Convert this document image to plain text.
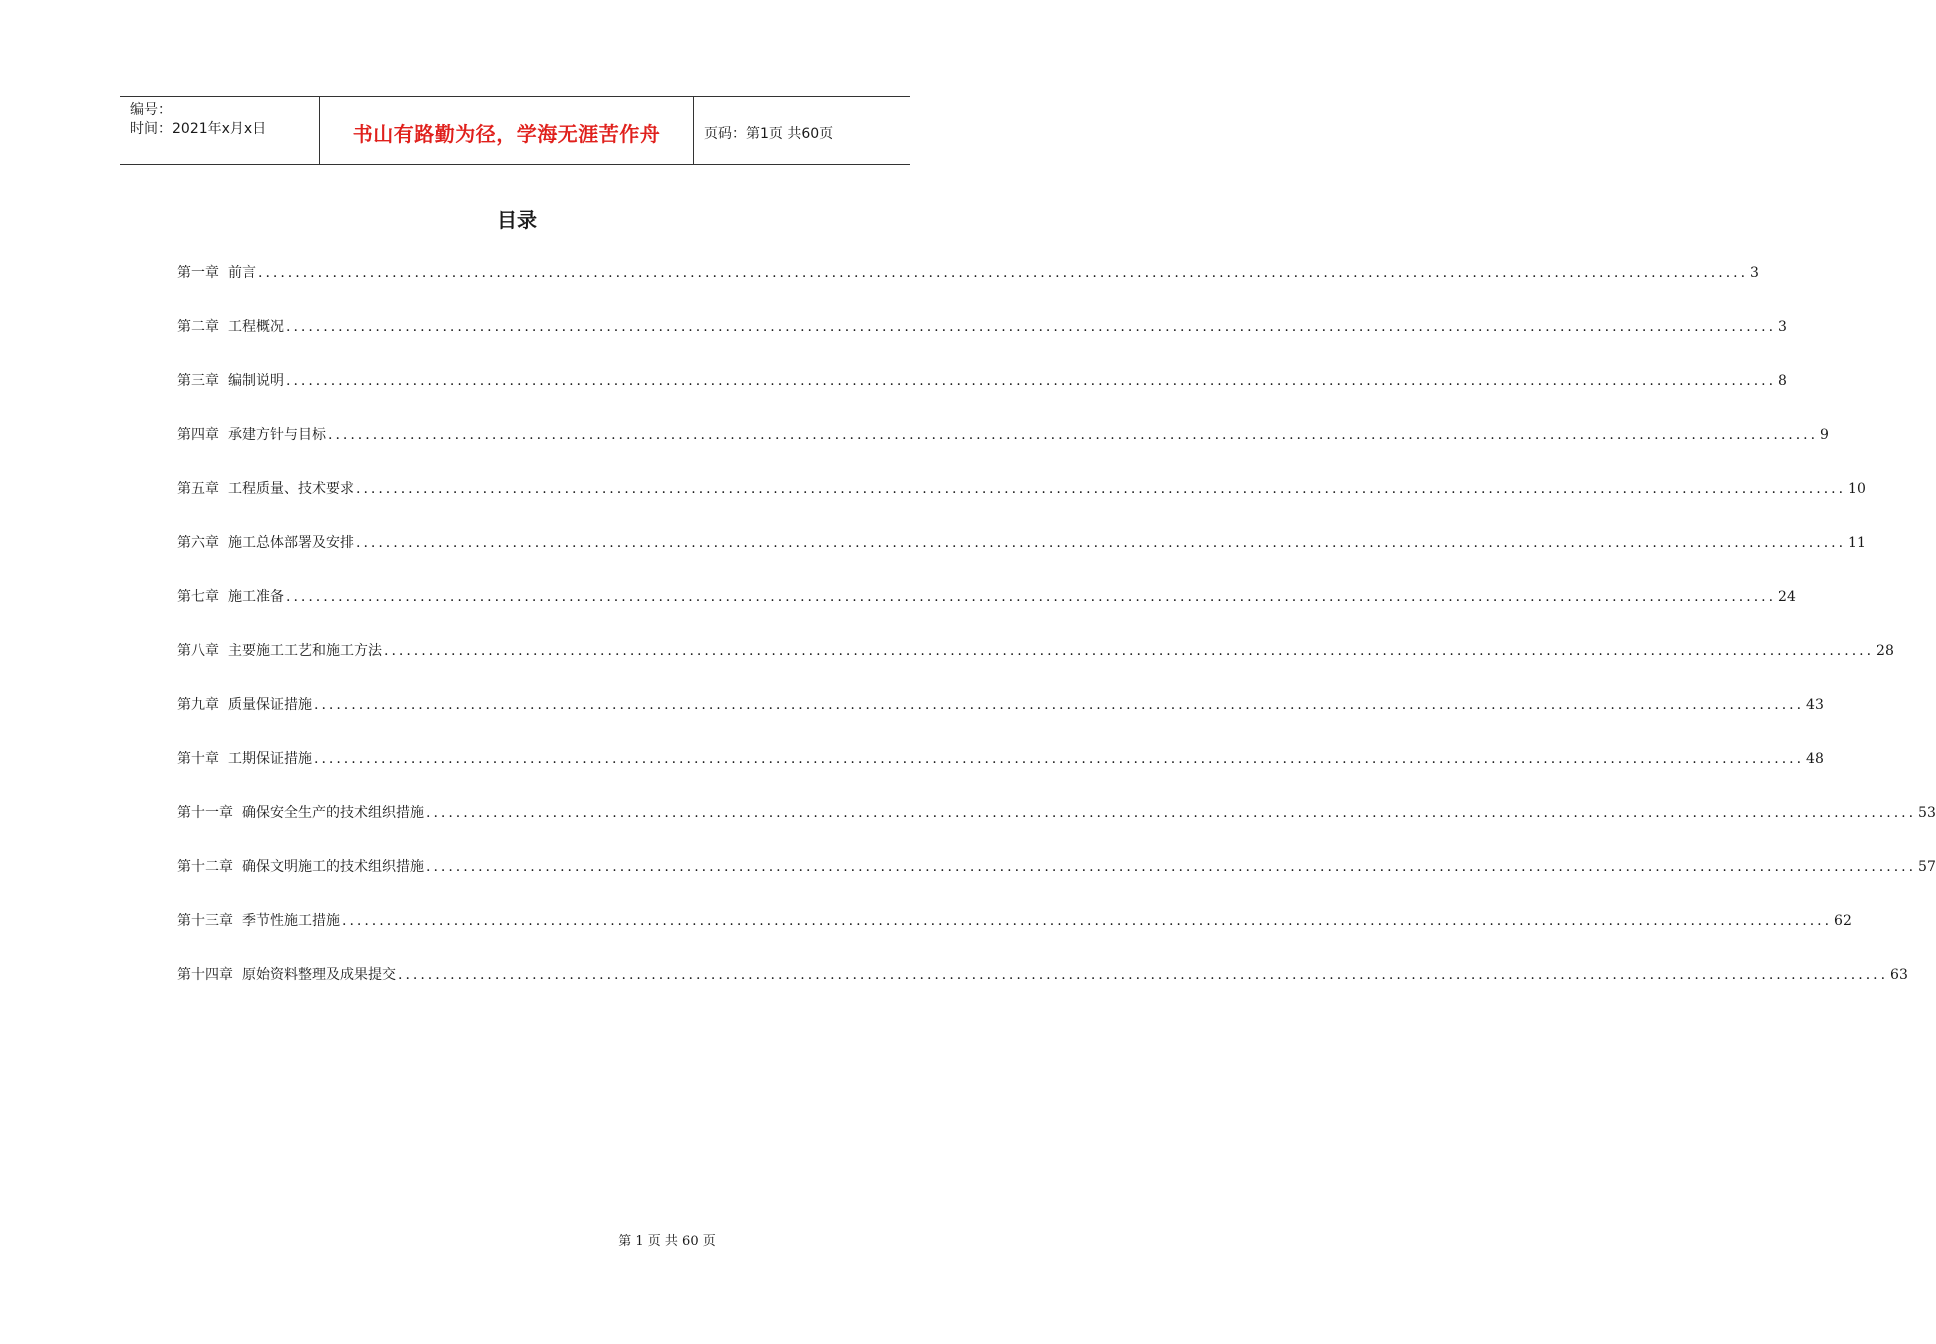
编号：
时间：2021年x月x日	书山有路勤为径，学海无涯苦作舟	页码：第1页 共60页
目录
第一章 前言 ........................................................................................................................................................................................................ 3
第二章 工程概况 ........................................................................................................................................................................................................ 3
第三章 编制说明 ........................................................................................................................................................................................................ 8
第四章 承建方针与目标 ........................................................................................................................................................................................................ 9
第五章 工程质量、技术要求 ........................................................................................................................................................................................................ 10
第六章 施工总体部署及安排 ........................................................................................................................................................................................................ 11
第七章 施工准备 ........................................................................................................................................................................................................ 24
第八章 主要施工工艺和施工方法 ........................................................................................................................................................................................................ 28
第九章 质量保证措施 ........................................................................................................................................................................................................ 43
第十章 工期保证措施 ........................................................................................................................................................................................................ 48
第十一章 确保安全生产的技术组织措施 ........................................................................................................................................................................................................ 53
第十二章 确保文明施工的技术组织措施 ........................................................................................................................................................................................................ 57
第十三章 季节性施工措施 ........................................................................................................................................................................................................ 62
第十四章 原始资料整理及成果提交 ........................................................................................................................................................................................................ 63
第 1 页 共 60 页
